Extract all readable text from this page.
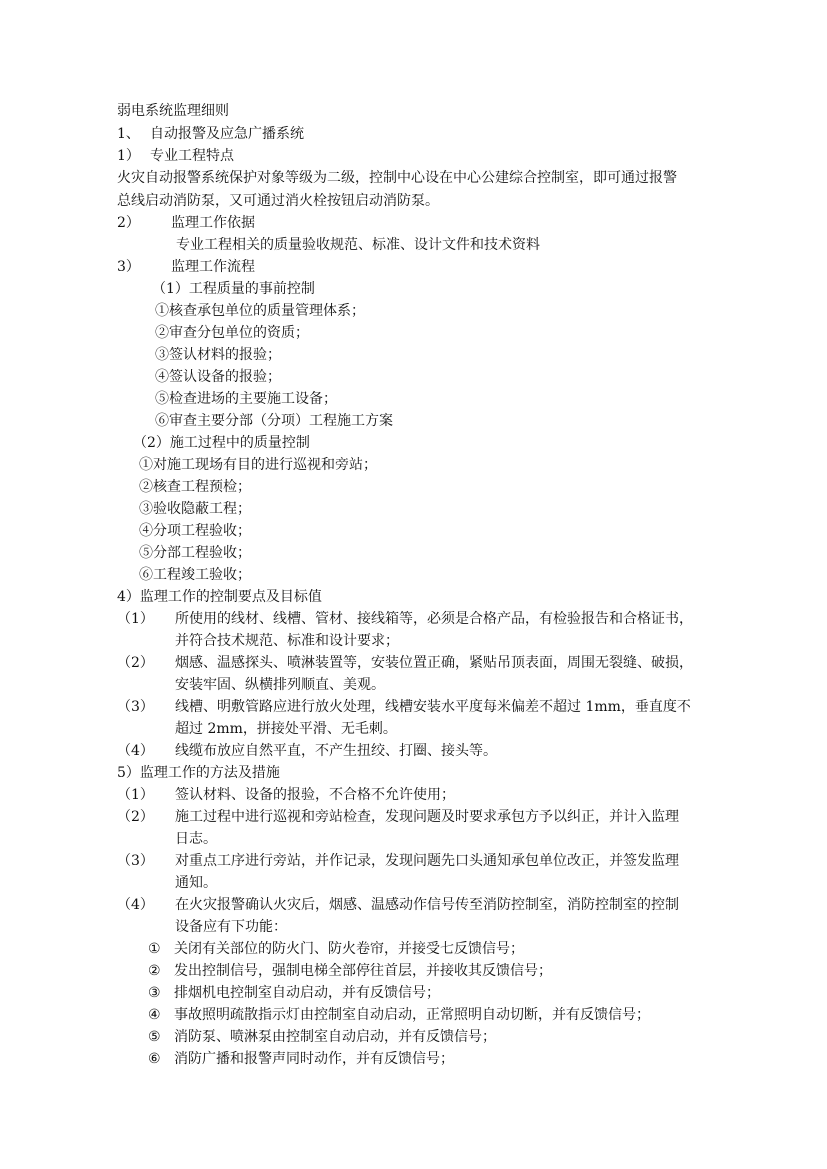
弱电系统监理细则
1、 自动报警及应急广播系统
1） 专业工程特点
火灾自动报警系统保护对象等级为二级，控制中心设在中心公建综合控制室，即可通过报警
总线启动消防泵，又可通过消火栓按钮启动消防泵。
2） 监理工作依据
专业工程相关的质量验收规范、标准、设计文件和技术资料
3） 监理工作流程
（1）工程质量的事前控制
①核查承包单位的质量管理体系；
②审查分包单位的资质；
③签认材料的报验；
④签认设备的报验；
⑤检查进场的主要施工设备；
⑥审查主要分部（分项）工程施工方案
（2）施工过程中的质量控制
①对施工现场有目的进行巡视和旁站；
②核查工程预检；
③验收隐蔽工程；
④分项工程验收；
⑤分部工程验收；
⑥工程竣工验收；
4）监理工作的控制要点及目标值
（1） 所使用的线材、线槽、管材、接线箱等，必须是合格产品，有检验报告和合格证书，
并符合技术规范、标准和设计要求；
（2） 烟感、温感探头、喷淋装置等，安装位置正确，紧贴吊顶表面，周围无裂缝、破损，
安装牢固、纵横排列顺直、美观。
（3） 线槽、明敷管路应进行放火处理，线槽安装水平度每米偏差不超过 1mm，垂直度不
超过 2mm，拼接处平滑、无毛刺。
（4） 线缆布放应自然平直，不产生扭绞、打圈、接头等。
5）监理工作的方法及措施
（1） 签认材料、设备的报验，不合格不允许使用；
（2） 施工过程中进行巡视和旁站检查，发现问题及时要求承包方予以纠正，并计入监理
日志。
（3） 对重点工序进行旁站，并作记录，发现问题先口头通知承包单位改正，并签发监理
通知。
（4） 在火灾报警确认火灾后，烟感、温感动作信号传至消防控制室，消防控制室的控制
设备应有下功能：
① 关闭有关部位的防火门、防火卷帘，并接受七反馈信号；
② 发出控制信号，强制电梯全部停往首层，并接收其反馈信号；
③ 排烟机电控制室自动启动，并有反馈信号；
④ 事故照明疏散指示灯由控制室自动启动，正常照明自动切断，并有反馈信号；
⑤ 消防泵、喷淋泵由控制室自动启动，并有反馈信号；
⑥ 消防广播和报警声同时动作，并有反馈信号；
